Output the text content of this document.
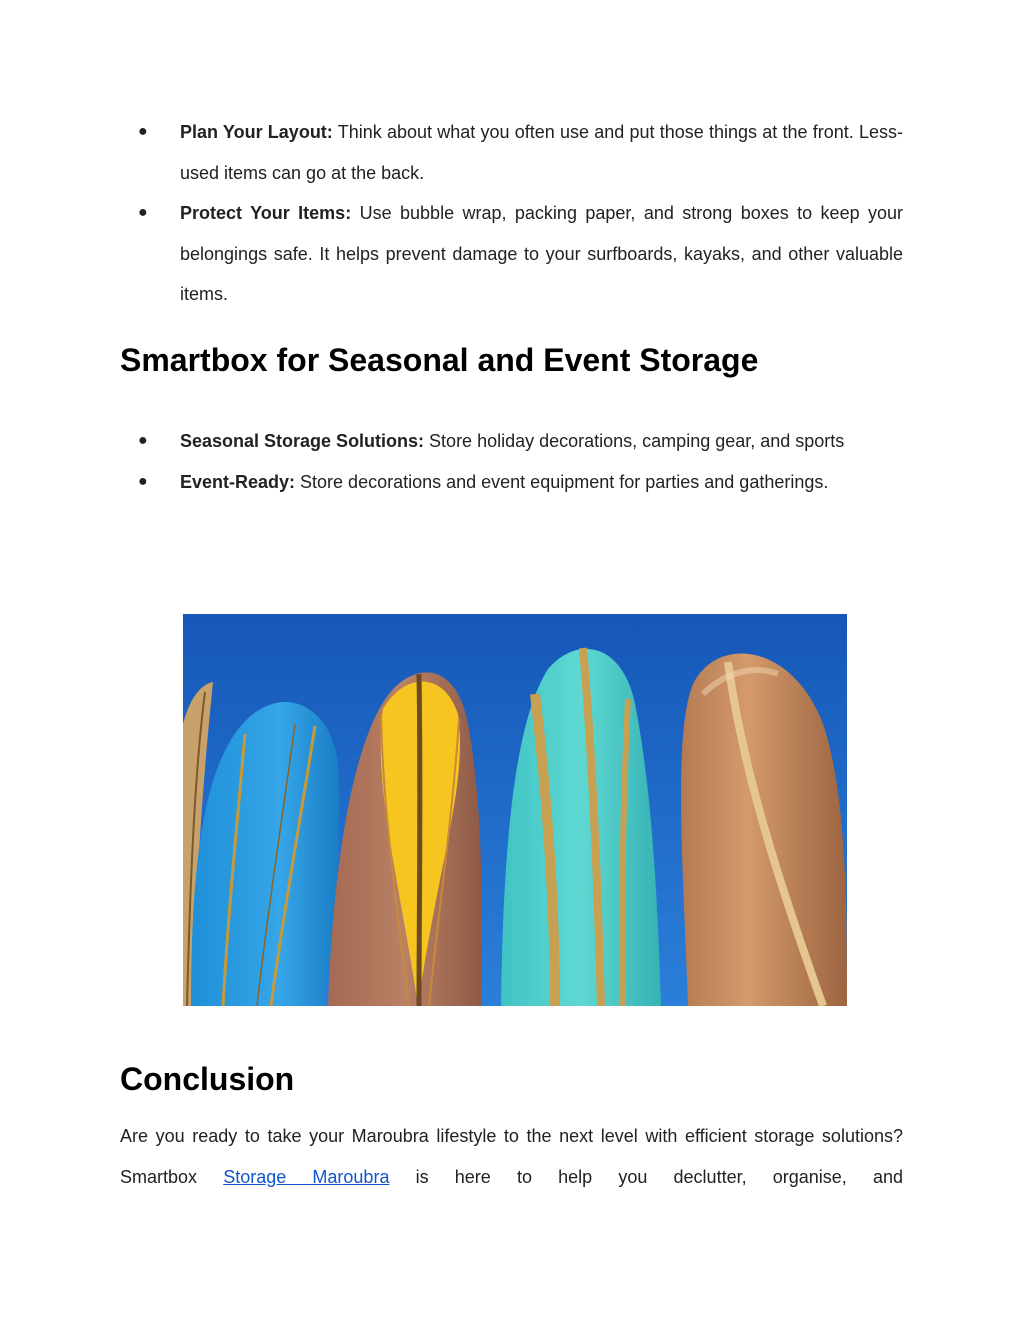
● Plan Your Layout: Think about what you often use and put those things at the front. Less-used items can go at the back.
● Protect Your Items: Use bubble wrap, packing paper, and strong boxes to keep your belongings safe. It helps prevent damage to your surfboards, kayaks, and other valuable items.
Smartbox for Seasonal and Event Storage
● Seasonal Storage Solutions: Store holiday decorations, camping gear, and sports
● Event-Ready: Store decorations and event equipment for parties and gatherings.
Conclusion

Are you ready to take your Maroubra lifestyle to the next level with efficient storage solutions? Smartbox Storage Maroubra is here to help you declutter, organise, and
